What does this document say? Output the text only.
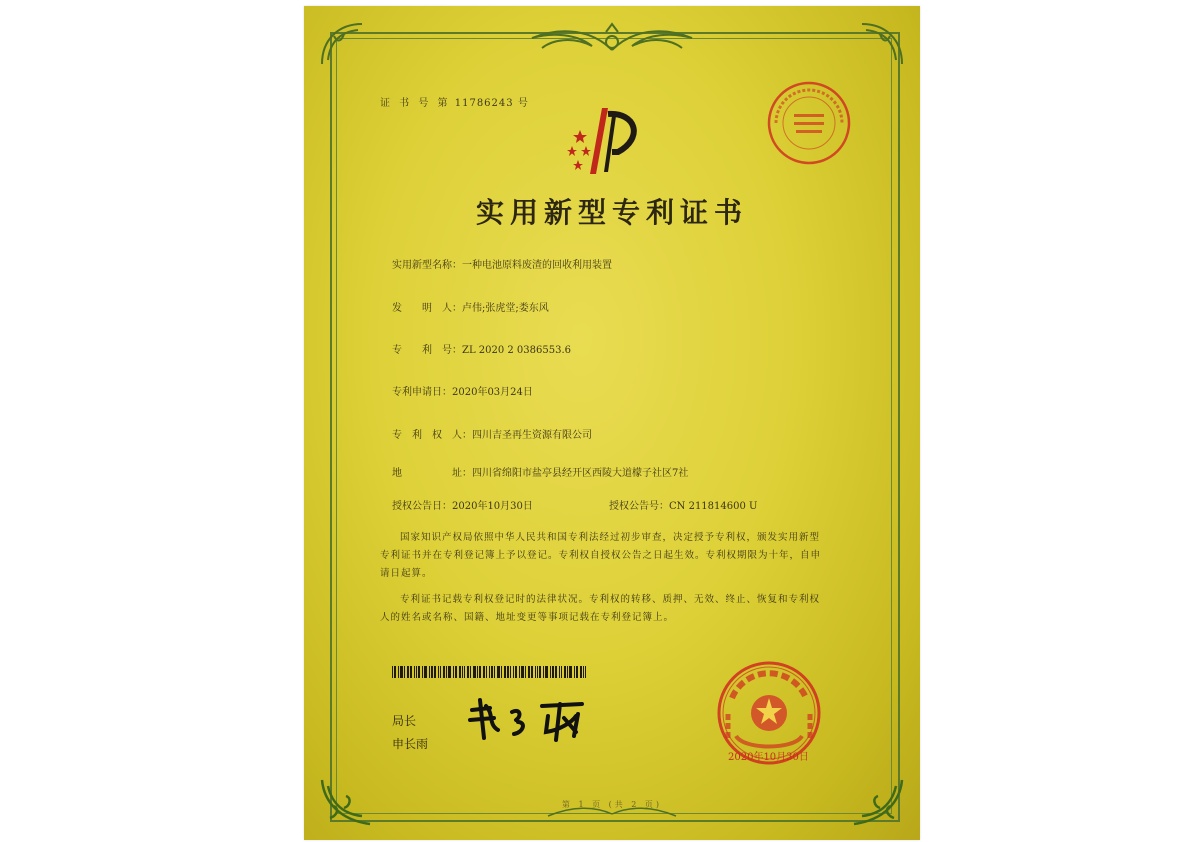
证 书 号 第 11786243 号
实用新型专利证书
实用新型名称：一种电池原料废渣的回收利用装置
发　　明　人：卢伟;张虎堂;娄东风
专　　利　号：ZL 2020 2 0386553.6
专利申请日：2020年03月24日
专　利　权　人：四川吉圣再生资源有限公司
地　　　　　址：四川省绵阳市盐亭县经开区西陵大道檬子社区7社
授权公告日：2020年10月30日	授权公告号：CN 211814600 U
国家知识产权局依照中华人民共和国专利法经过初步审查，决定授予专利权，颁发实用新型专利证书并在专利登记簿上予以登记。专利权自授权公告之日起生效。专利权期限为十年，自申请日起算。
专利证书记载专利权登记时的法律状况。专利权的转移、质押、无效、终止、恢复和专利权人的姓名或名称、国籍、地址变更等事项记载在专利登记簿上。
局长
申长雨
2020年10月30日
第 1 页 (共 2 页)
